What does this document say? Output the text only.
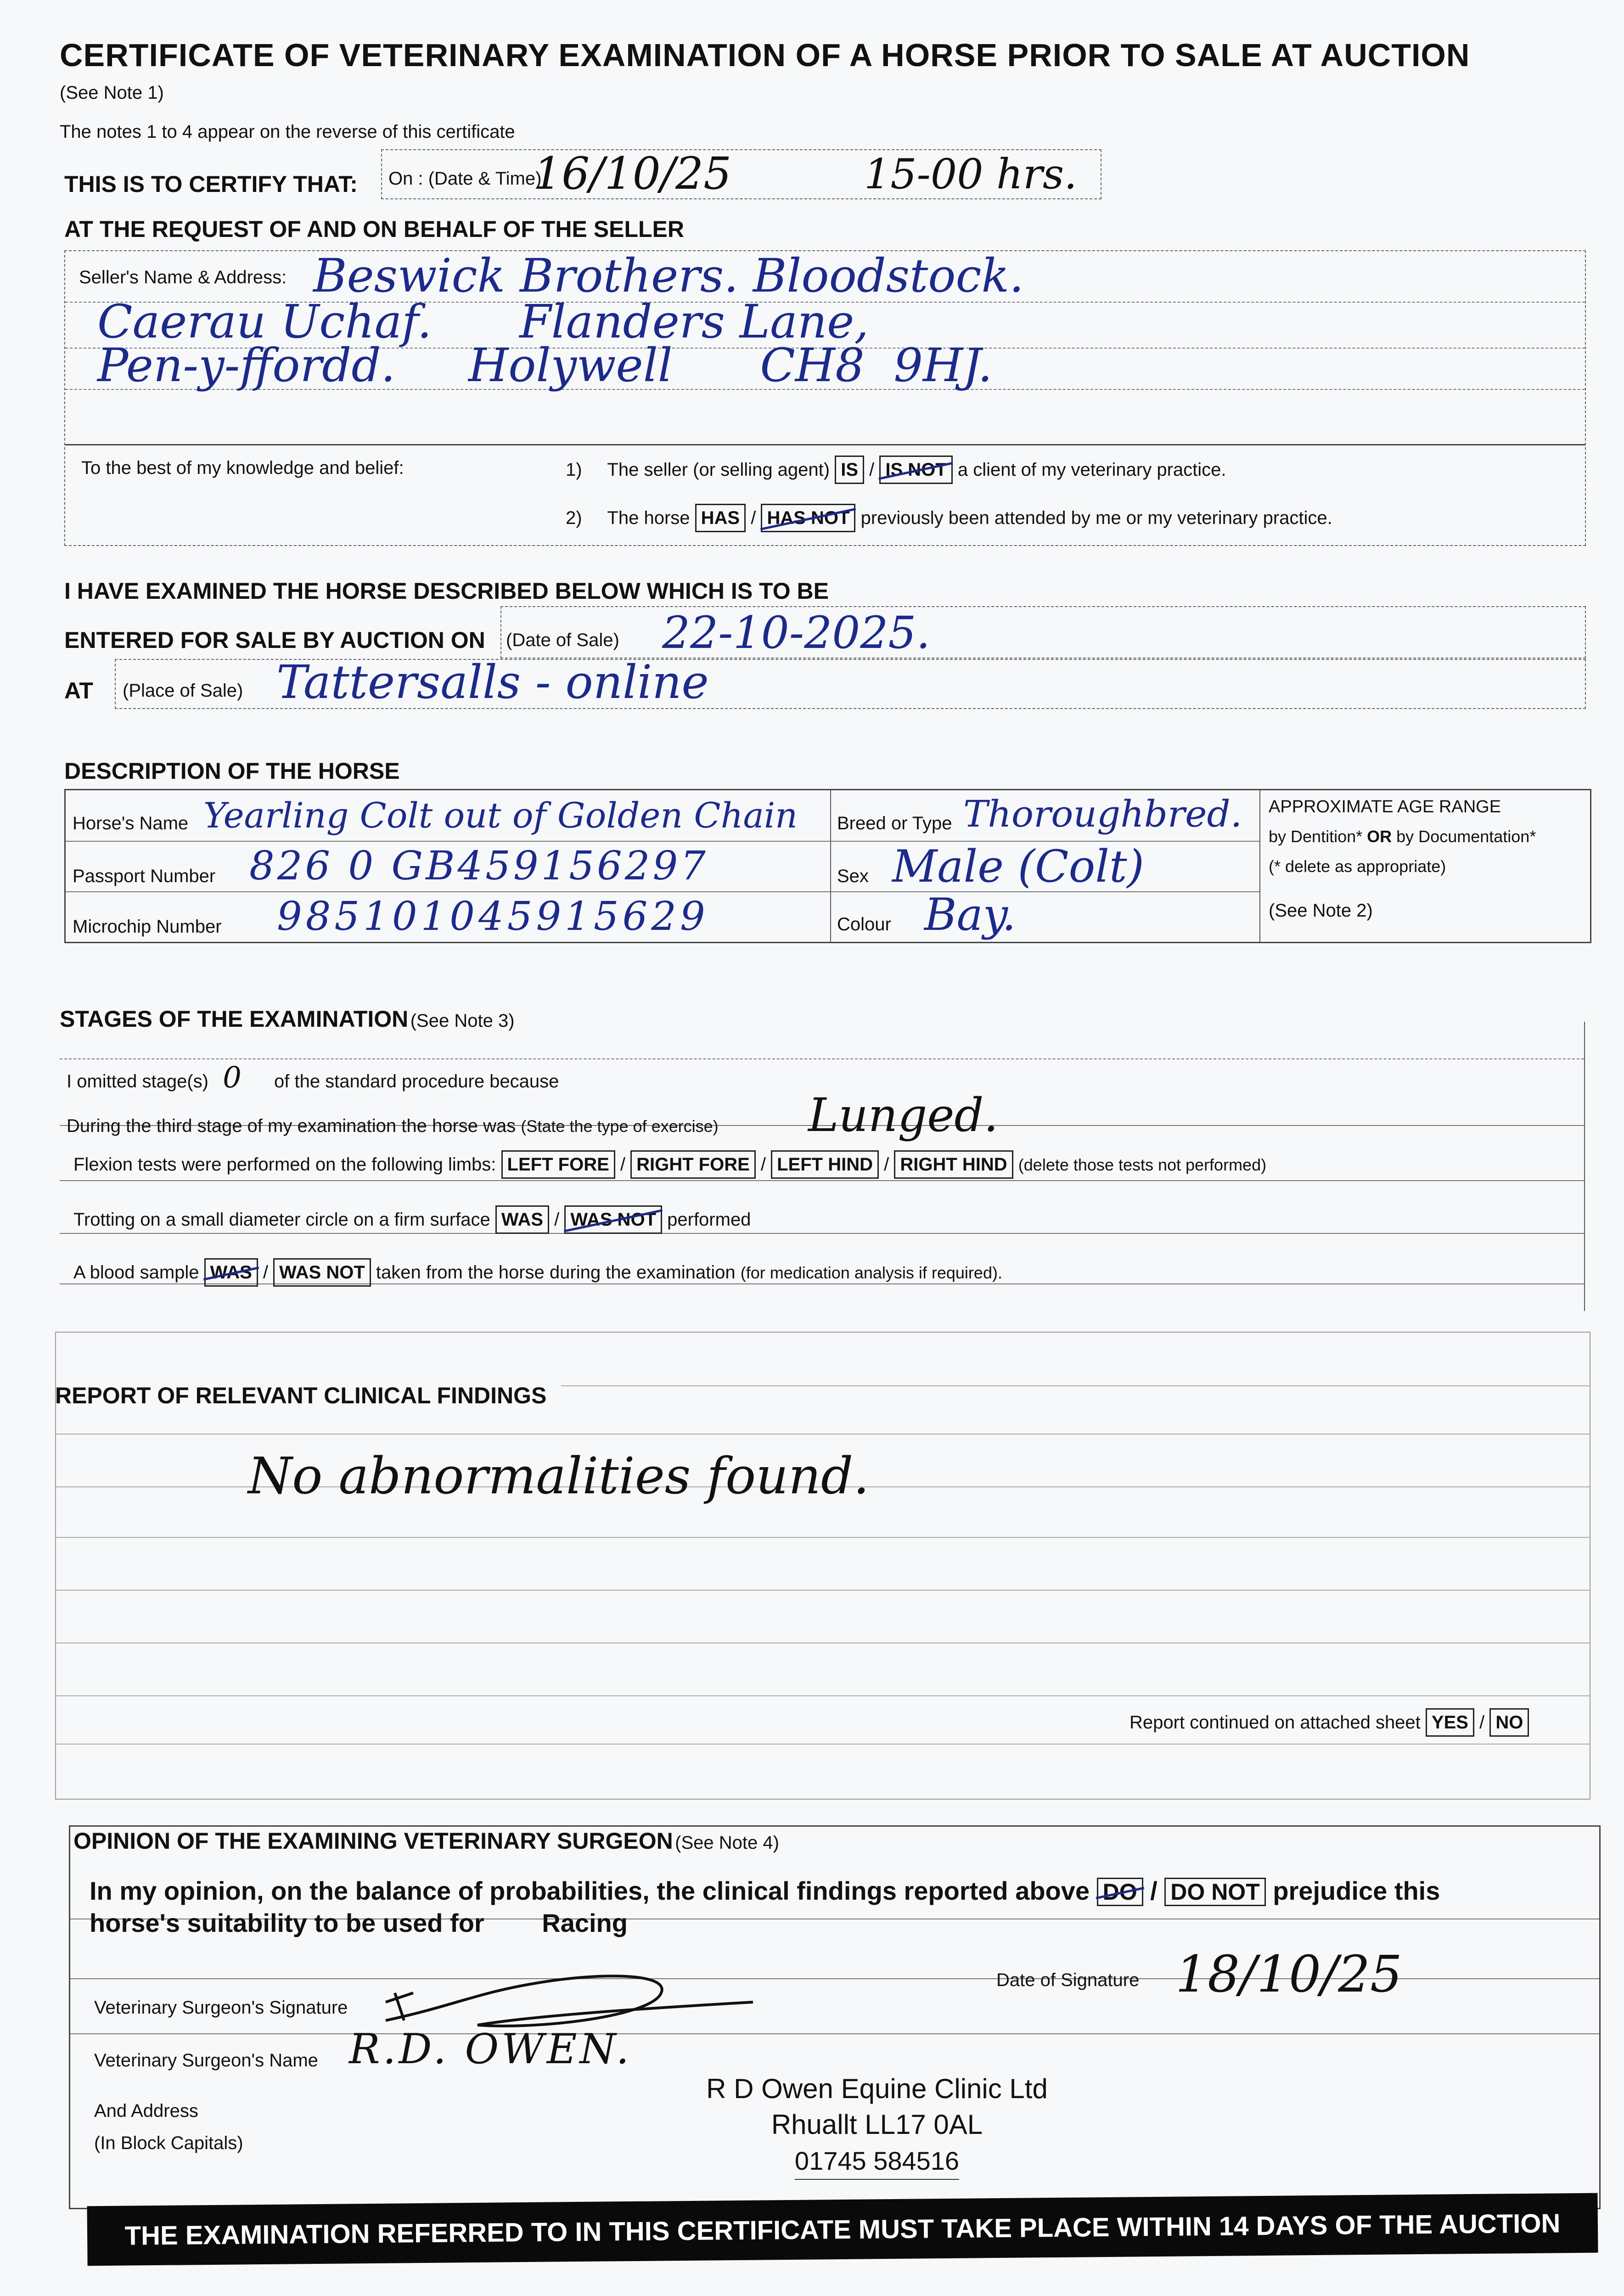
CERTIFICATE OF VETERINARY EXAMINATION OF A HORSE PRIOR TO SALE AT AUCTION
(See Note 1)
The notes 1 to 4 appear on the reverse of this certificate
THIS IS TO CERTIFY THAT: On : (Date & Time)
16/10/25	15-00 hrs.
AT THE REQUEST OF AND ON BEHALF OF THE SELLER
Seller's Name & Address: Beswick Brothers. Bloodstock.
Caerau Uchaf.      Flanders Lane,
Pen-y-ffordd.     Holywell      CH8  9HJ.
To the best of my knowledge and belief:	1) The seller (or selling agent) IS / IS NOT a client of my veterinary practice.
2) The horse HAS / HAS NOT previously been attended by me or my veterinary practice.
I HAVE EXAMINED THE HORSE DESCRIBED BELOW WHICH IS TO BE
ENTERED FOR SALE BY AUCTION ON (Date of Sale) 22-10-2025.
AT (Place of Sale) Tattersalls - online
DESCRIPTION OF THE HORSE
Horse's Name Yearling Colt out of Golden Chain Breed or Type Thoroughbred.
Passport Number 826 0 GB459156297	Sex Male (Colt)
Microchip Number 985101045915629	Colour Bay.
APPROXIMATE AGE RANGE
by Dentition* OR by Documentation*
(* delete as appropriate)
(See Note 2)
STAGES OF THE EXAMINATION (See Note 3)
I omitted stage(s) 0 of the standard procedure because
During the third stage of my examination the horse was (State the type of exercise) Lunged.
Flexion tests were performed on the following limbs: LEFT FORE / RIGHT FORE / LEFT HIND / RIGHT HIND (delete those tests not performed)
Trotting on a small diameter circle on a firm surface WAS / WAS NOT performed
A blood sample WAS / WAS NOT taken from the horse during the examination (for medication analysis if required).
REPORT OF RELEVANT CLINICAL FINDINGS
No abnormalities found.
Report continued on attached sheet YES / NO
OPINION OF THE EXAMINING VETERINARY SURGEON (See Note 4)
In my opinion, on the balance of probabilities, the clinical findings reported above DO / DO NOT prejudice this
horse's suitability to be used for Racing
Date of Signature 18/10/25
Veterinary Surgeon's Signature
Veterinary Surgeon's Name R.D. OWEN.
And Address
(In Block Capitals)
R D Owen Equine Clinic Ltd
Rhuallt LL17 0AL
01745 584516
THE EXAMINATION REFERRED TO IN THIS CERTIFICATE MUST TAKE PLACE WITHIN 14 DAYS OF THE AUCTION
